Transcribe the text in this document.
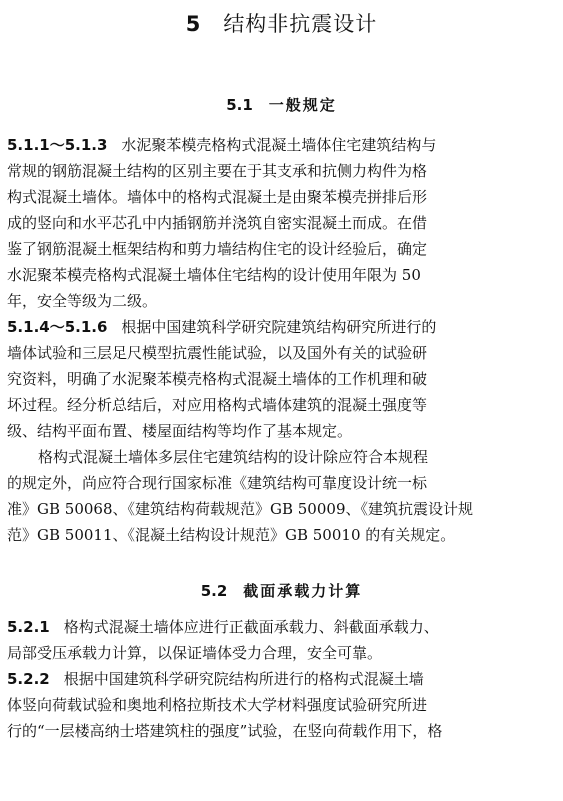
5 结构非抗震设计
5.1 一般规定
5.1.1～5.1.3 水泥聚苯模壳格构式混凝土墙体住宅建筑结构与
常规的钢筋混凝土结构的区别主要在于其支承和抗侧力构件为格
构式混凝土墙体。墙体中的格构式混凝土是由聚苯模壳拼排后形
成的竖向和水平芯孔中内插钢筋并浇筑自密实混凝土而成。在借
鉴了钢筋混凝土框架结构和剪力墙结构住宅的设计经验后，确定
水泥聚苯模壳格构式混凝土墙体住宅结构的设计使用年限为 50
年，安全等级为二级。
5.1.4～5.1.6 根据中国建筑科学研究院建筑结构研究所进行的
墙体试验和三层足尺模型抗震性能试验，以及国外有关的试验研
究资料，明确了水泥聚苯模壳格构式混凝土墙体的工作机理和破
坏过程。经分析总结后，对应用格构式墙体建筑的混凝土强度等
级、结构平面布置、楼屋面结构等均作了基本规定。
格构式混凝土墙体多层住宅建筑结构的设计除应符合本规程
的规定外，尚应符合现行国家标准《建筑结构可靠度设计统一标
准》GB 50068、《建筑结构荷载规范》GB 50009、《建筑抗震设计规
范》GB 50011、《混凝土结构设计规范》GB 50010 的有关规定。
5.2 截面承载力计算
5.2.1 格构式混凝土墙体应进行正截面承载力、斜截面承载力、
局部受压承载力计算，以保证墙体受力合理，安全可靠。
5.2.2 根据中国建筑科学研究院结构所进行的格构式混凝土墙
体竖向荷载试验和奥地利格拉斯技术大学材料强度试验研究所进
行的“一层楼高纳士塔建筑柱的强度”试验，在竖向荷载作用下，格
